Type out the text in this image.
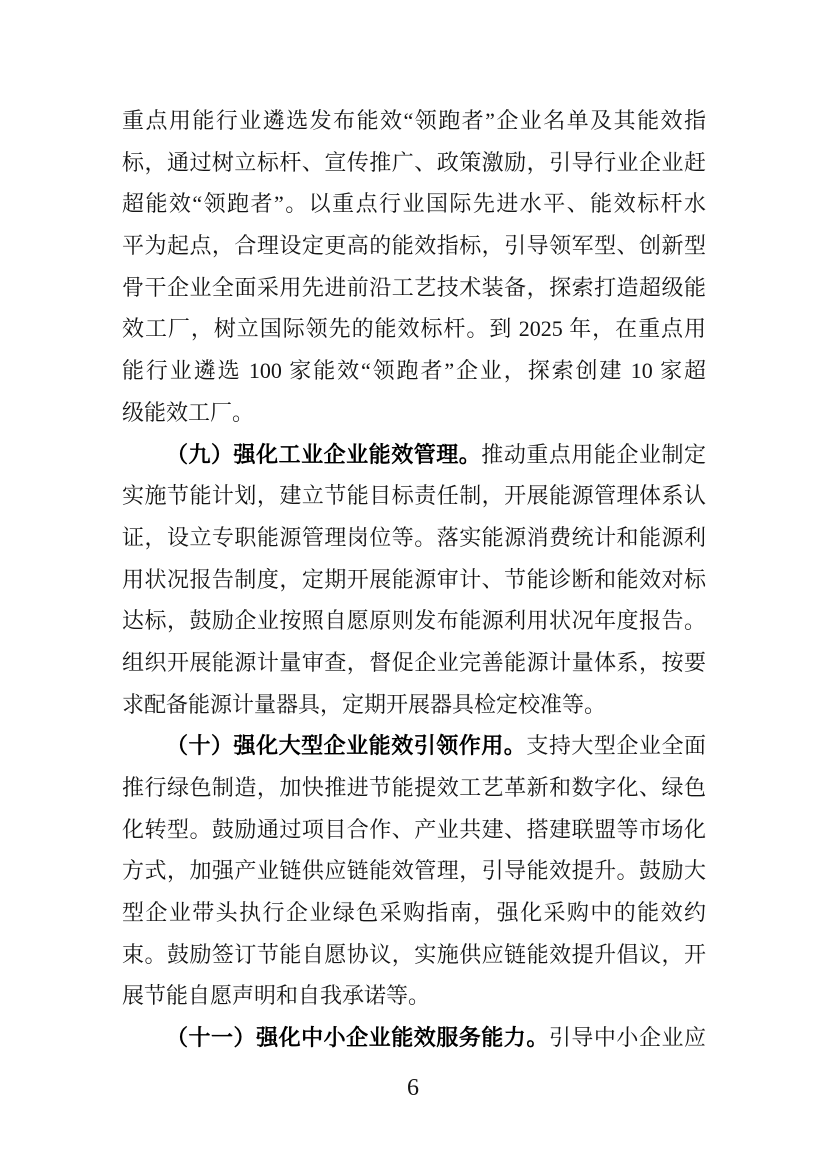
重点用能行业遴选发布能效“领跑者”企业名单及其能效指
标，通过树立标杆、宣传推广、政策激励，引导行业企业赶
超能效“领跑者”。以重点行业国际先进水平、能效标杆水
平为起点，合理设定更高的能效指标，引导领军型、创新型
骨干企业全面采用先进前沿工艺技术装备，探索打造超级能
效工厂，树立国际领先的能效标杆。到 2025 年，在重点用
能行业遴选 100 家能效“领跑者”企业，探索创建 10 家超
级能效工厂。
（九）强化工业企业能效管理。推动重点用能企业制定
实施节能计划，建立节能目标责任制，开展能源管理体系认
证，设立专职能源管理岗位等。落实能源消费统计和能源利
用状况报告制度，定期开展能源审计、节能诊断和能效对标
达标，鼓励企业按照自愿原则发布能源利用状况年度报告。
组织开展能源计量审查，督促企业完善能源计量体系，按要
求配备能源计量器具，定期开展器具检定校准等。
（十）强化大型企业能效引领作用。支持大型企业全面
推行绿色制造，加快推进节能提效工艺革新和数字化、绿色
化转型。鼓励通过项目合作、产业共建、搭建联盟等市场化
方式，加强产业链供应链能效管理，引导能效提升。鼓励大
型企业带头执行企业绿色采购指南，强化采购中的能效约
束。鼓励签订节能自愿协议，实施供应链能效提升倡议，开
展节能自愿声明和自我承诺等。
（十一）强化中小企业能效服务能力。引导中小企业应
6
